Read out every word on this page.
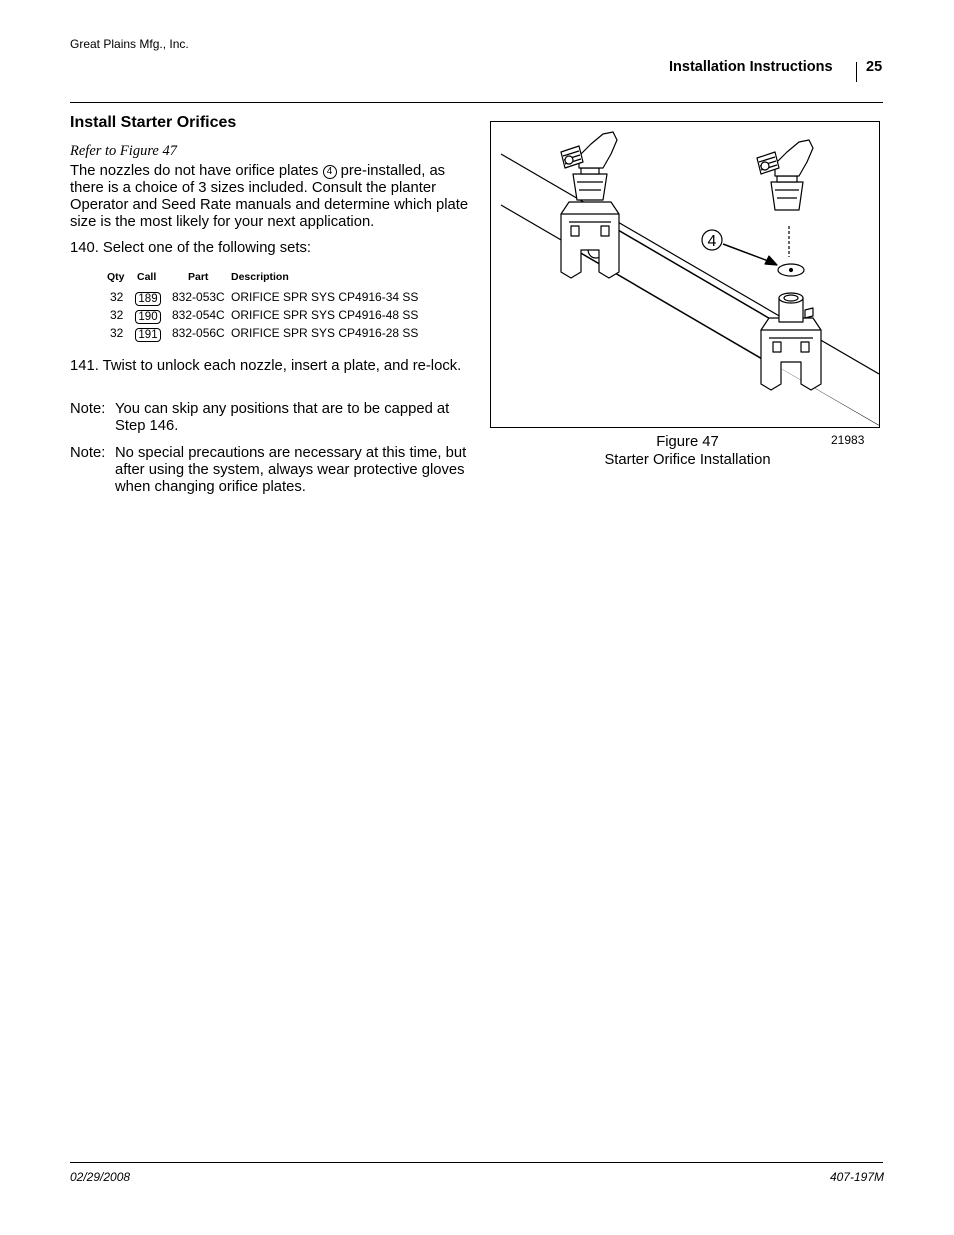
Great Plains Mfg., Inc.
Installation Instructions 25
Install Starter Orifices
Refer to Figure 47
The nozzles do not have orifice plates 4 pre-installed, as there is a choice of 3 sizes included. Consult the planter Operator and Seed Rate manuals and determine which plate size is the most likely for your next application.
140. Select one of the following sets:
Qty Call	Part Description
32 189 832-053C ORIFICE SPR SYS CP4916-34 SS
32 190 832-054C ORIFICE SPR SYS CP4916-48 SS
32 191 832-056C ORIFICE SPR SYS CP4916-28 SS
141. Twist to unlock each nozzle, insert a plate, and re-lock.
Note: You can skip any positions that are to be capped at Step 146.
Note: No special precautions are necessary at this time, but after using the system, always wear protective gloves when changing orifice plates.
4
Figure 47
Starter Orifice Installation
21983
02/29/2008	407-197M
